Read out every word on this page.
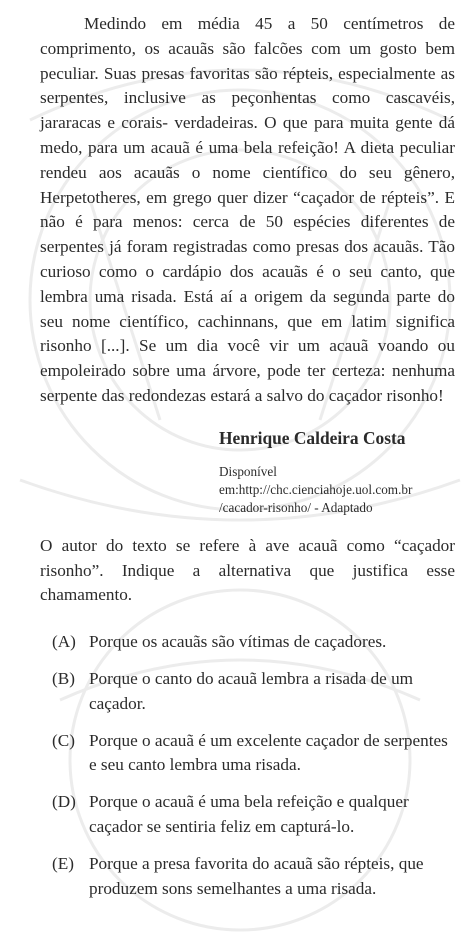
Medindo em média 45 a 50 centímetros de comprimento, os acauãs são falcões com um gosto bem peculiar. Suas presas favoritas são répteis, especialmente as serpentes, inclusive as peçonhentas como cascavéis, jararacas e corais- verdadeiras. O que para muita gente dá medo, para um acauã é uma bela refeição! A dieta peculiar rendeu aos acauãs o nome científico do seu gênero, Herpetotheres, em grego quer dizer “caçador de répteis”. E não é para menos: cerca de 50 espécies diferentes de serpentes já foram registradas como presas dos acauãs. Tão curioso como o cardápio dos acauãs é o seu canto, que lembra uma risada. Está aí a origem da segunda parte do seu nome científico, cachinnans, que em latim significa risonho [...]. Se um dia você vir um acauã voando ou empoleirado sobre uma árvore, pode ter certeza: nenhuma serpente das redondezas estará a salvo do caçador risonho!

Henrique Caldeira Costa
Disponível
em:http://chc.cienciahoje.uol.com.br
/cacador-risonho/ - Adaptado

O autor do texto se refere à ave acauã como “caçador risonho”. Indique a alternativa que justifica esse chamamento.

(A) Porque os acauãs são vítimas de caçadores.
(B) Porque o canto do acauã lembra a risada de um caçador.
(C) Porque o acauã é um excelente caçador de serpentes e seu canto lembra uma risada.
(D) Porque o acauã é uma bela refeição e qualquer caçador se sentiria feliz em capturá-lo.
(E) Porque a presa favorita do acauã são répteis, que produzem sons semelhantes a uma risada.
